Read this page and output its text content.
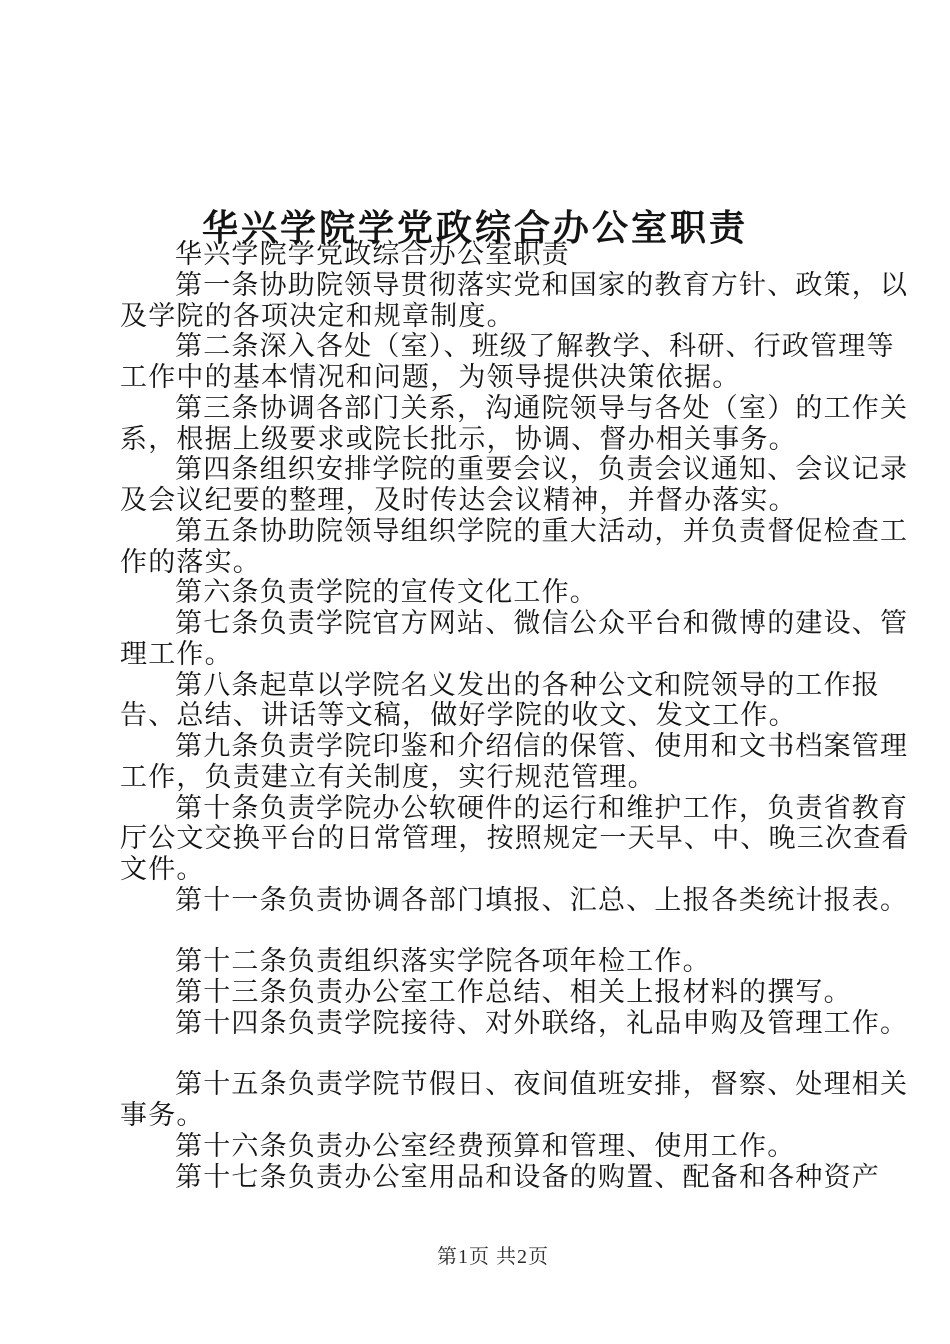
华兴学院学党政综合办公室职责

华兴学院学党政综合办公室职责

第一条协助院领导贯彻落实党和国家的教育方针、政策，以及学院的各项决定和规章制度。

第二条深入各处（室）、班级了解教学、科研、行政管理等工作中的基本情况和问题，为领导提供决策依据。

第三条协调各部门关系，沟通院领导与各处（室）的工作关系，根据上级要求或院长批示，协调、督办相关事务。

第四条组织安排学院的重要会议，负责会议通知、会议记录及会议纪要的整理，及时传达会议精神，并督办落实。

第五条协助院领导组织学院的重大活动，并负责督促检查工作的落实。

第六条负责学院的宣传文化工作。

第七条负责学院官方网站、微信公众平台和微博的建设、管理工作。

第八条起草以学院名义发出的各种公文和院领导的工作报告、总结、讲话等文稿，做好学院的收文、发文工作。

第九条负责学院印鉴和介绍信的保管、使用和文书档案管理工作，负责建立有关制度，实行规范管理。

第十条负责学院办公软硬件的运行和维护工作，负责省教育厅公文交换平台的日常管理，按照规定一天早、中、晚三次查看文件。

第十一条负责协调各部门填报、汇总、上报各类统计报表。

第十二条负责组织落实学院各项年检工作。

第十三条负责办公室工作总结、相关上报材料的撰写。

第十四条负责学院接待、对外联络，礼品申购及管理工作。

第十五条负责学院节假日、夜间值班安排，督察、处理相关事务。

第十六条负责办公室经费预算和管理、使用工作。

第十七条负责办公室用品和设备的购置、配备和各种资产

第1页 共2页
